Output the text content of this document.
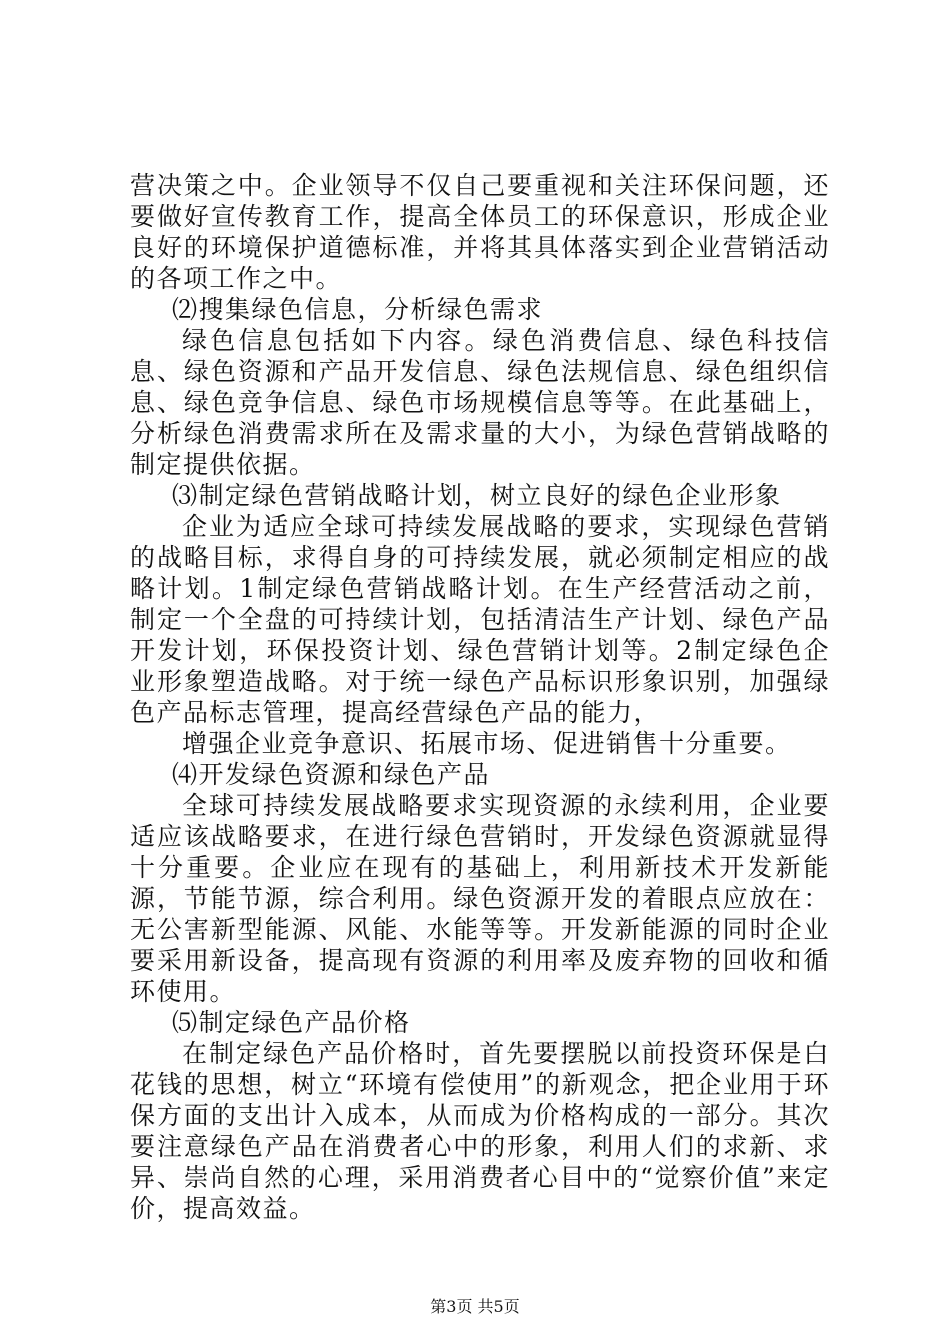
营决策之中。企业领导不仅自己要重视和关注环保问题，还要做好宣传教育工作，提高全体员工的环保意识，形成企业良好的环境保护道德标准，并将其具体落实到企业营销活动的各项工作之中。

⑵搜集绿色信息，分析绿色需求

绿色信息包括如下内容。绿色消费信息、绿色科技信息、绿色资源和产品开发信息、绿色法规信息、绿色组织信息、绿色竞争信息、绿色市场规模信息等等。在此基础上，分析绿色消费需求所在及需求量的大小，为绿色营销战略的制定提供依据。

⑶制定绿色营销战略计划，树立良好的绿色企业形象

企业为适应全球可持续发展战略的要求，实现绿色营销的战略目标，求得自身的可持续发展，就必须制定相应的战略计划。1制定绿色营销战略计划。在生产经营活动之前，制定一个全盘的可持续计划，包括清洁生产计划、绿色产品开发计划，环保投资计划、绿色营销计划等。2制定绿色企业形象塑造战略。对于统一绿色产品标识形象识别，加强绿色产品标志管理，提高经营绿色产品的能力，

增强企业竞争意识、拓展市场、促进销售十分重要。

⑷开发绿色资源和绿色产品

全球可持续发展战略要求实现资源的永续利用，企业要适应该战略要求，在进行绿色营销时，开发绿色资源就显得十分重要。企业应在现有的基础上，利用新技术开发新能源，节能节源，综合利用。绿色资源开发的着眼点应放在：无公害新型能源、风能、水能等等。开发新能源的同时企业要采用新设备，提高现有资源的利用率及废弃物的回收和循环使用。

⑸制定绿色产品价格

在制定绿色产品价格时，首先要摆脱以前投资环保是白花钱的思想，树立“环境有偿使用”的新观念，把企业用于环保方面的支出计入成本，从而成为价格构成的一部分。其次要注意绿色产品在消费者心中的形象，利用人们的求新、求异、崇尚自然的心理，采用消费者心目中的“觉察价值”来定价，提高效益。

第3页 共5页
